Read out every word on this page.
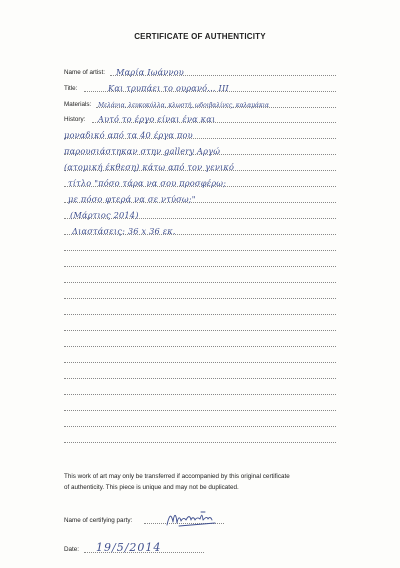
CERTIFICATE OF AUTHENTICITY
Name of artist: Μαρία Ιωάννου
Title:	Και τρυπάει το ουρανό... III
Materials: Μελάνια, λευκοκόλλα, κλωστή, ωδοιβαλίνες, καλαμάκια
History: Αυτό το έργο είναι ένα και
μοναδικό από τα 40 έργα που
παρουσιάστηκαν στην gallery Αργώ
(ατομική έκθεση) κάτω από τον γενικό
τίτλο "πόσο τάρα να σου προσφέρω;
με πόσο φτερά να σε ντύσω;"
(Μάρτιος 2014)
Διαστάσεις: 36 x 36 εκ.
This work of art may only be transferred if accompanied by this original certificate
of authenticity. This piece is unique and may not be duplicated.
Name of certifying party:
Date: 19/5/2014
